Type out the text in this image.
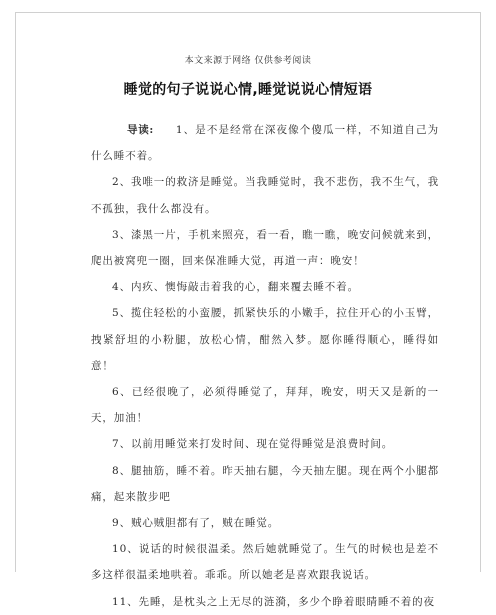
本文来源于网络 仅供参考阅读
睡觉的句子说说心情,睡觉说说心情短语

导读: 1、是不是经常在深夜像个傻瓜一样，不知道自己为什么睡不着。

2、我唯一的救济是睡觉。当我睡觉时，我不悲伤，我不生气，我不孤独，我什么都没有。

3、漆黑一片，手机来照亮，看一看，瞧一瞧，晚安问候就来到，爬出被窝兜一圈，回来保准睡大觉，再道一声：晚安！

4、内疚、懊悔敲击着我的心，翻来覆去睡不着。

5、揽住轻松的小蛮腰，抓紧快乐的小嫩手，拉住开心的小玉臂，拽紧舒坦的小粉腿，放松心情，酣然入梦。愿你睡得顺心，睡得如意！

6、已经很晚了，必须得睡觉了，拜拜，晚安，明天又是新的一天，加油！

7、以前用睡觉来打发时间、现在觉得睡觉是浪费时间。

8、腿抽筋，睡不着。昨天抽右腿，今天抽左腿。现在两个小腿都痛，起来散步吧

9、贼心贼胆都有了，贼在睡觉。

10、说话的时候很温柔。然后她就睡觉了。生气的时候也是差不多这样很温柔地哄着。乖乖。所以她老是喜欢跟我说话。

11、先睡，是枕头之上无尽的涟漪，多少个睁着眼睛睡不着的夜
